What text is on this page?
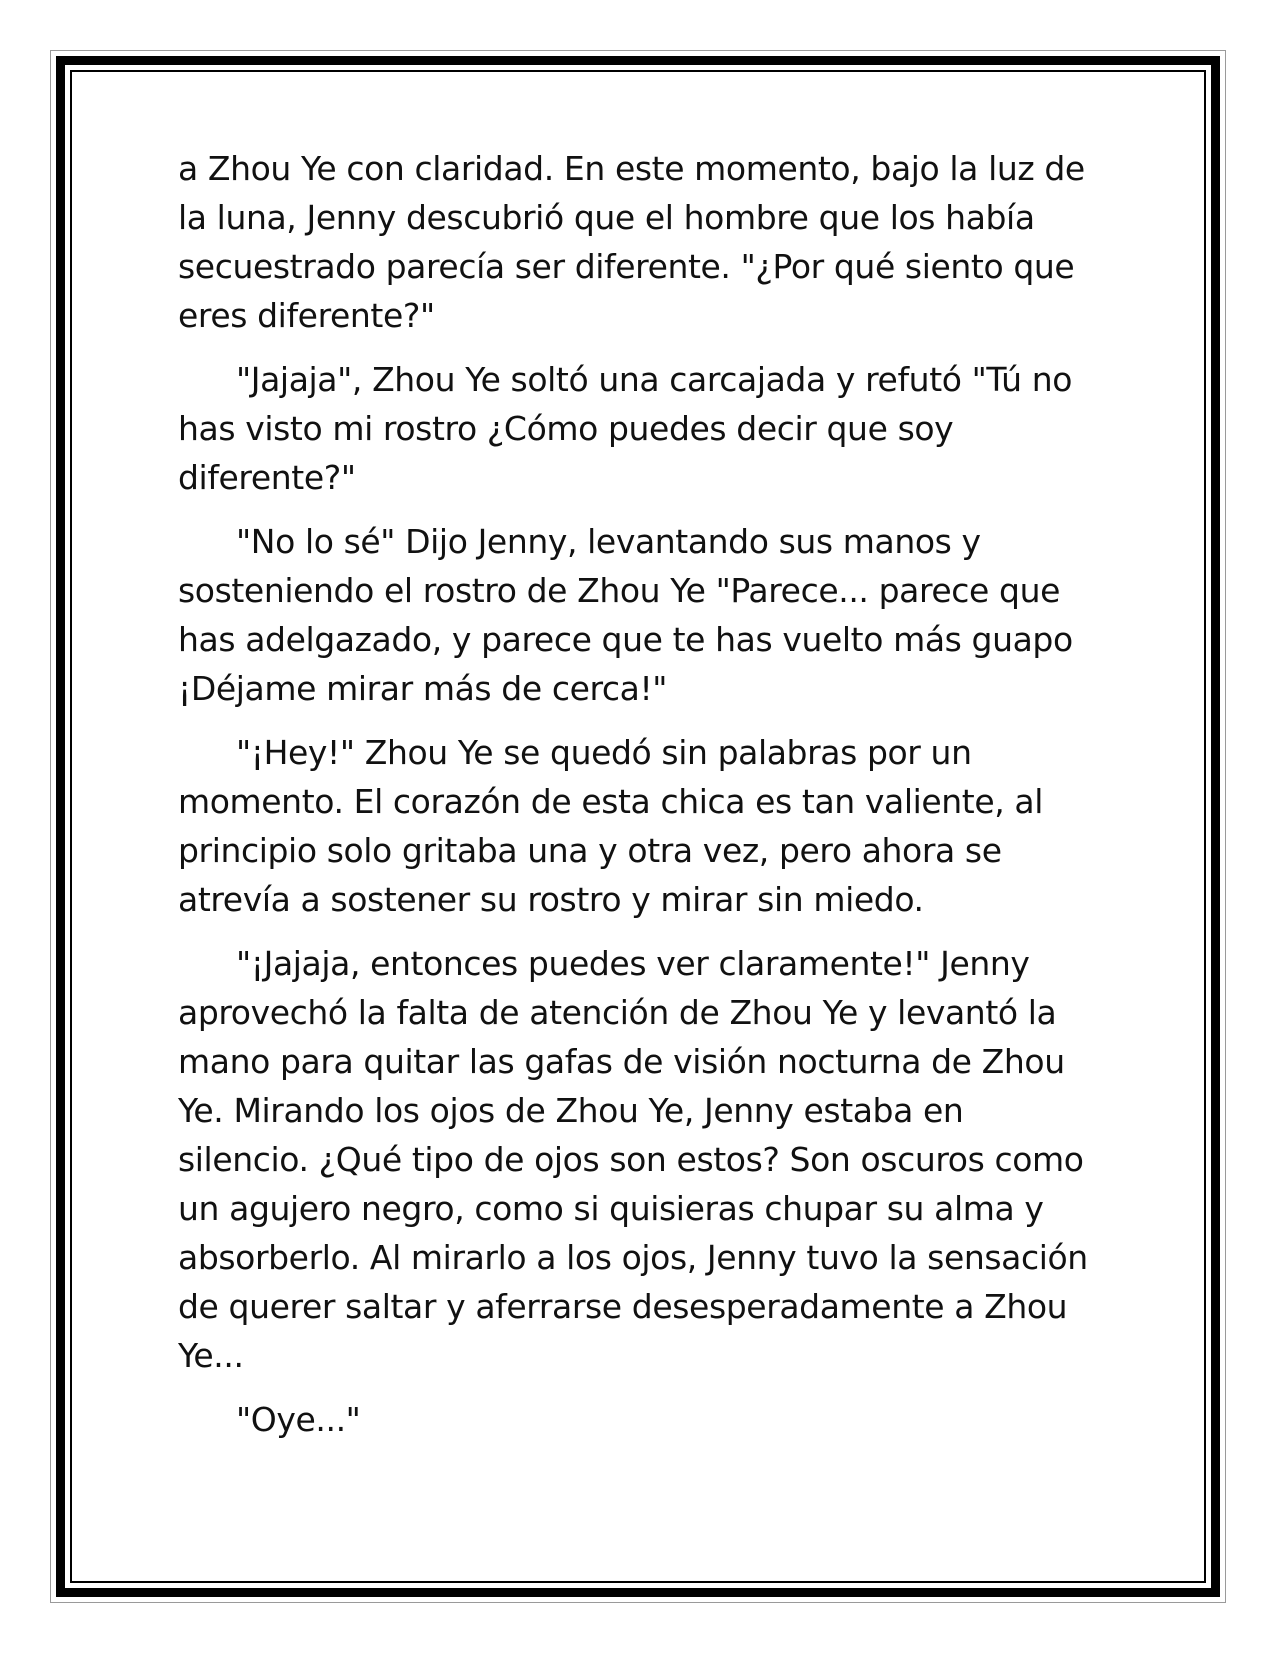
a Zhou Ye con claridad. En este momento, bajo la luz de la luna, Jenny descubrió que el hombre que los había secuestrado parecía ser diferente. "¿Por qué siento que eres diferente?"

"Jajaja", Zhou Ye soltó una carcajada y refutó "Tú no has visto mi rostro ¿Cómo puedes decir que soy diferente?"

"No lo sé" Dijo Jenny, levantando sus manos y sosteniendo el rostro de Zhou Ye "Parece... parece que has adelgazado, y parece que te has vuelto más guapo ¡Déjame mirar más de cerca!"

"¡Hey!" Zhou Ye se quedó sin palabras por un momento. El corazón de esta chica es tan valiente, al principio solo gritaba una y otra vez, pero ahora se atrevía a sostener su rostro y mirar sin miedo.

"¡Jajaja, entonces puedes ver claramente!" Jenny aprovechó la falta de atención de Zhou Ye y levantó la mano para quitar las gafas de visión nocturna de Zhou Ye. Mirando los ojos de Zhou Ye, Jenny estaba en silencio. ¿Qué tipo de ojos son estos? Son oscuros como un agujero negro, como si quisieras chupar su alma y absorberlo. Al mirarlo a los ojos, Jenny tuvo la sensación de querer saltar y aferrarse desesperadamente a Zhou Ye...

"Oye..."
